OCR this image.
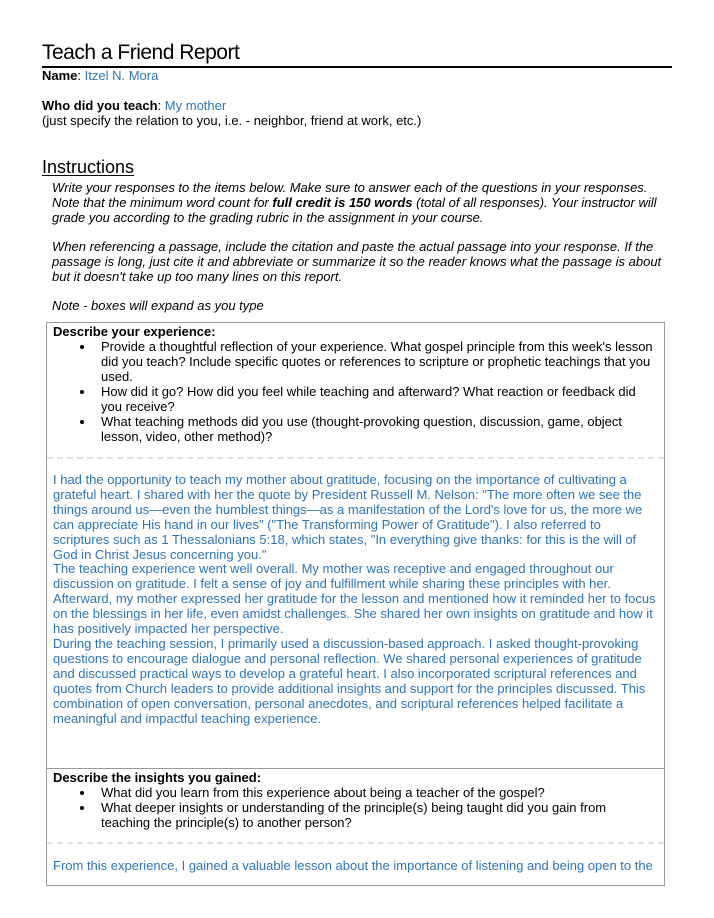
Teach a Friend Report
Name: Itzel N. Mora
Who did you teach: My mother
(just specify the relation to you, i.e. - neighbor, friend at work, etc.)
Instructions
Write your responses to the items below. Make sure to answer each of the questions in your responses. Note that the minimum word count for full credit is 150 words (total of all responses). Your instructor will grade you according to the grading rubric in the assignment in your course.
When referencing a passage, include the citation and paste the actual passage into your response. If the passage is long, just cite it and abbreviate or summarize it so the reader knows what the passage is about but it doesn't take up too many lines on this report.
Note - boxes will expand as you type
Describe your experience:
• Provide a thoughtful reflection of your experience. What gospel principle from this week's lesson did you teach? Include specific quotes or references to scripture or prophetic teachings that you used.
• How did it go? How did you feel while teaching and afterward? What reaction or feedback did you receive?
• What teaching methods did you use (thought-provoking question, discussion, game, object lesson, video, other method)?

I had the opportunity to teach my mother about gratitude, focusing on the importance of cultivating a grateful heart. I shared with her the quote by President Russell M. Nelson: "The more often we see the things around us—even the humblest things—as a manifestation of the Lord's love for us, the more we can appreciate His hand in our lives" ("The Transforming Power of Gratitude"). I also referred to scriptures such as 1 Thessalonians 5:18, which states, "In everything give thanks: for this is the will of God in Christ Jesus concerning you."

The teaching experience went well overall. My mother was receptive and engaged throughout our discussion on gratitude. I felt a sense of joy and fulfillment while sharing these principles with her. Afterward, my mother expressed her gratitude for the lesson and mentioned how it reminded her to focus on the blessings in her life, even amidst challenges. She shared her own insights on gratitude and how it has positively impacted her perspective.

During the teaching session, I primarily used a discussion-based approach. I asked thought-provoking questions to encourage dialogue and personal reflection. We shared personal experiences of gratitude and discussed practical ways to develop a grateful heart. I also incorporated scriptural references and quotes from Church leaders to provide additional insights and support for the principles discussed. This combination of open conversation, personal anecdotes, and scriptural references helped facilitate a meaningful and impactful teaching experience.

Describe the insights you gained:
• What did you learn from this experience about being a teacher of the gospel?
• What deeper insights or understanding of the principle(s) being taught did you gain from teaching the principle(s) to another person?
From this experience, I gained a valuable lesson about the importance of listening and being open to the
